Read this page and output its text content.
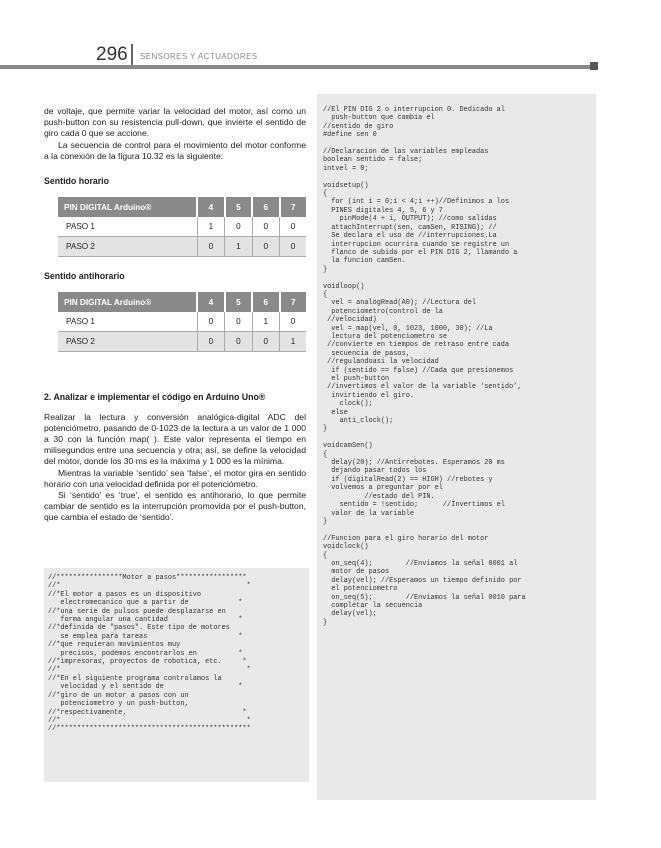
296 SENSORES Y ACTUADORES

de voltaje, que permite variar la velocidad del motor, así como un push-button con su resistencia pull-down, que invierte el sentido de giro cada 0 que se accione.

La secuencia de control para el movimiento del motor conforme a la conexión de la figura 10.32 es la siguiente:

Sentido horario

PIN DIGITAL Arduino®	4	5	6	7
PASO 1	1	0	0	0
PASO 2	0	1	0	0

Sentido antihorario

PIN DIGITAL Arduino®	4	5	6	7
PASO 1	0	0	1	0
PASO 2	0	0	0	1

2. Analizar e implementar el código en Arduino Uno®

Realizar la lectura y conversión analógica-digital ADC del potenciómetro, pasando de 0-1023 de la lectura a un valor de 1 000 a 30 con la función map( ). Este valor representa el tiempo en milisegundos entre una secuencia y otra; así, se define la velocidad del motor, donde los 30 ms es la máxima y 1 000 es la mínima.

Mientras la variable ‘sentido’ sea ‘false’, el motor gira en sentido horario con una velocidad definida por el potenciómetro.

Si ‘sentido’ es ‘true’, el sentido es antihorario, lo que permite cambiar de sentido es la interrupción promovida por el push-button, que cambia el estado de ‘sentido’.

//****************Motor a pasos*****************
//*                                             *
//*El motor a pasos es un dispositivo
electromecanico que a partir de            *
//*una serie de pulsos puede desplazarse en
forma angular una cantidad                 *
//*definida de "pasos". Este tipo de motores
se emplea para tareas                      *
//*que requieran movimientos muy
precisos, podemos encontrarlos en          *
//*impresoras, proyectos de robotica, etc.     *
//*                                             *
//*En el siguiente programa controlamos la
velocidad y el sentido de                  *
//*giro de un motor a pasos con un
potenciometro y un push-button,
//*respectivamente.                            *
//*                                             *
//***********************************************
//El PIN DIG 2 o interrupcion 0. Dedicado al
push-button que cambia el
//sentido de giro
#define sen 0

//Declaracion de las variables empleadas
boolean sentido = false;
intvel = 0;

voidsetup()
{
for (int i = 0;i < 4;i ++)//Definimos a los
PINES digitales 4, 5, 6 y 7
pinMode(4 + i, OUTPUT); //como salidas
attachInterrupt(sen, camSen, RISING); //
Se declara el uso de //interrupciones.La
interrupcion ocurrira cuando se registre un
flanco de subida por el PIN DIG 2, llamando a
la funcion camSen.
}

voidloop()
{
vel = analogRead(A0); //Lectura del
potenciometro(control de la
//velocidad)
vel = map(vel, 0, 1023, 1000, 30); //La
lectura del potenciometro se
//convierte en tiempos de retraso entre cada
secuencia de pasos,
//regulandoasi la velocidad
if (sentido == false) //Cada que presionemos
el push-button
//invertimos el valor de la variable ‘sentido’,
invirtiendo el giro.
clock();
else
anti_clock();
}

voidcamSen()
{
delay(20); //Antirrebotes. Esperamos 20 ms
dejando pasar todos los
if (digitalRead(2) == HIGH) //rebotes y
volvemos a preguntar por el
//estado del PIN.
sentido = !sentido;      //Invertimos el
valor de la variable
}

//Funcion para el giro horario del motor
voidclock()
{
on_seq(4);        //Enviamos la señal 0001 al
motor de pasos
delay(vel); //Esperamos un tiempo definido por
el potenciometro
on_seq(5);        //Enviamos la señal 0010 para
completar la secuencia
delay(vel);
}
